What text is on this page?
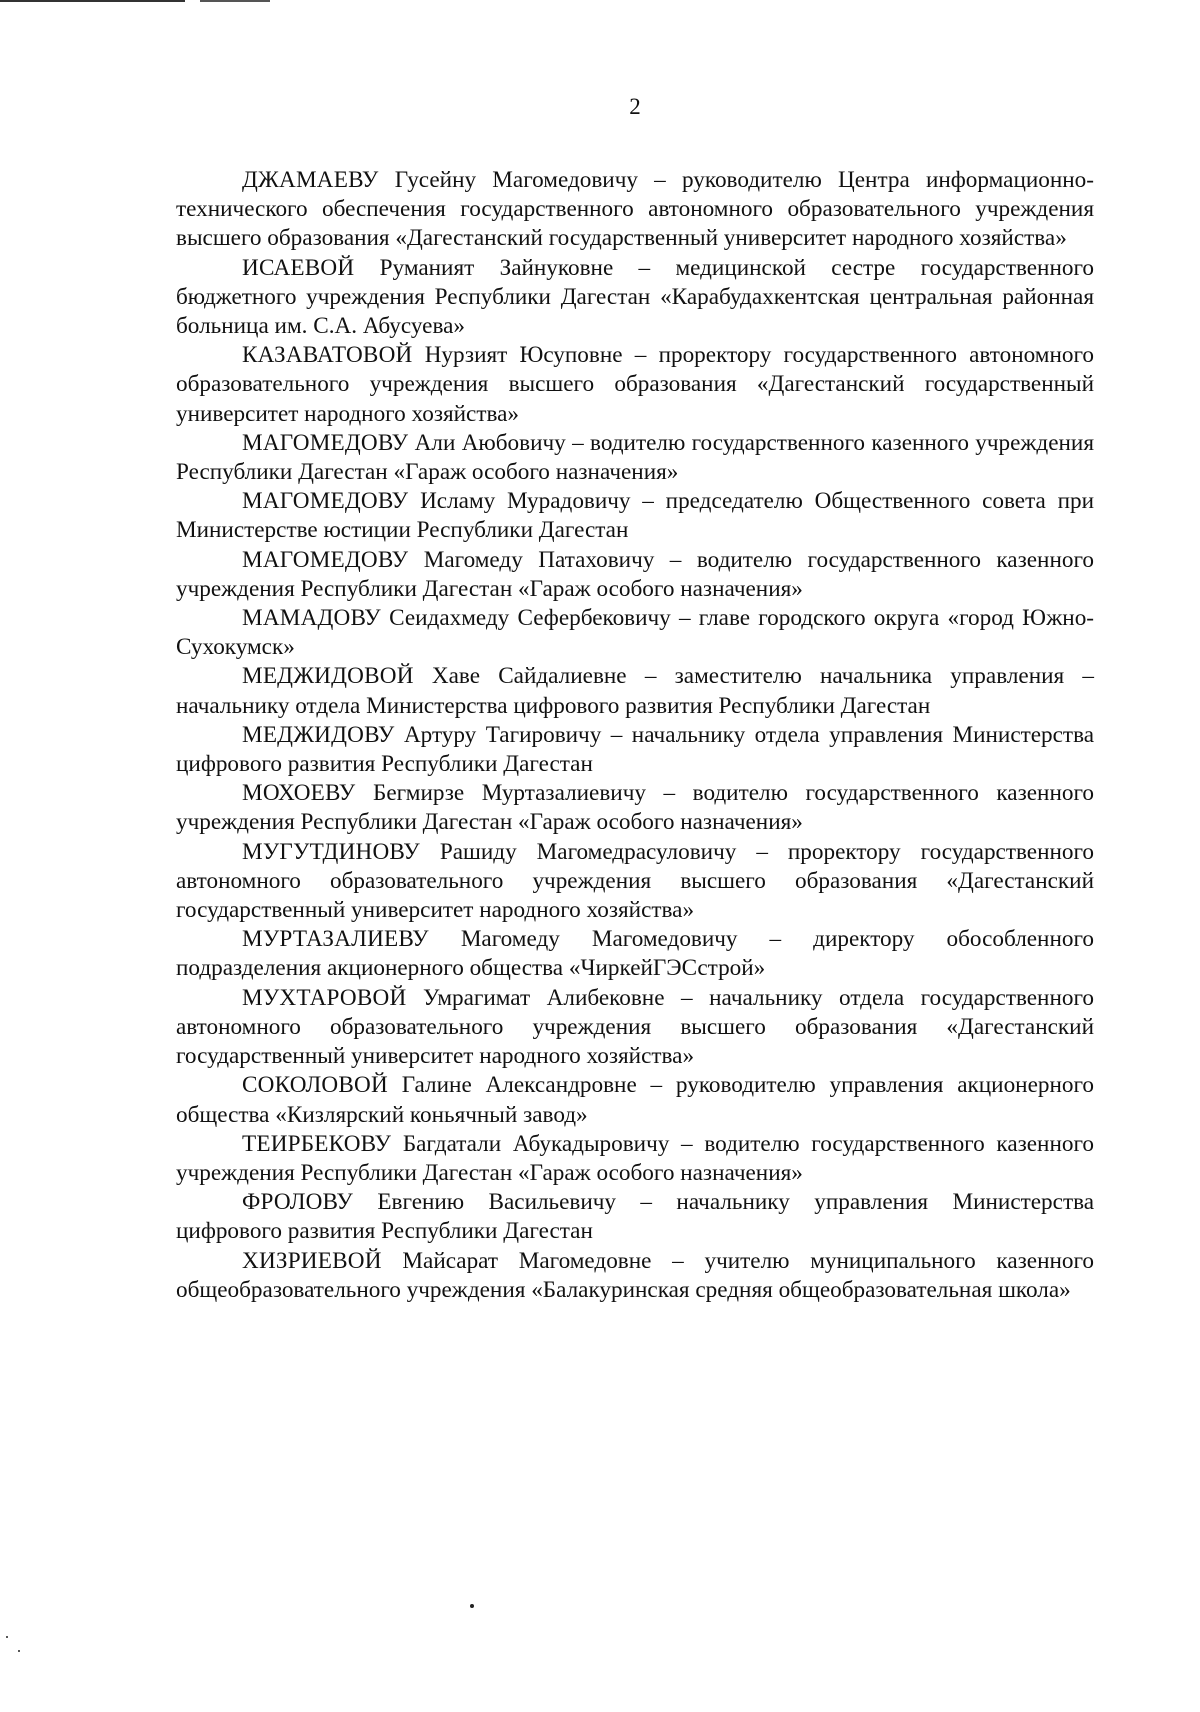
2

ДЖАМАЕВУ Гусейну Магомедовичу – руководителю Центра информационно-технического обеспечения государственного автономного образовательного учреждения высшего образования «Дагестанский государственный университет народного хозяйства»

ИСАЕВОЙ Руманият Зайнуковне – медицинской сестре государственного бюджетного учреждения Республики Дагестан «Карабудахкентская центральная районная больница им. С.А. Абусуева»

КАЗАВАТОВОЙ Нурзият Юсуповне – проректору государственного автономного образовательного учреждения высшего образования «Дагестанский государственный университет народного хозяйства»

МАГОМЕДОВУ Али Аюбовичу – водителю государственного казенного учреждения Республики Дагестан «Гараж особого назначения»

МАГОМЕДОВУ Исламу Мурадовичу – председателю Общественного совета при Министерстве юстиции Республики Дагестан

МАГОМЕДОВУ Магомеду Патаховичу – водителю государственного казенного учреждения Республики Дагестан «Гараж особого назначения»

МАМАДОВУ Сеидахмеду Сефербековичу – главе городского округа «город Южно-Сухокумск»

МЕДЖИДОВОЙ Хаве Сайдалиевне – заместителю начальника управления – начальнику отдела Министерства цифрового развития Республики Дагестан

МЕДЖИДОВУ Артуру Тагировичу – начальнику отдела управления Министерства цифрового развития Республики Дагестан

МОХОЕВУ Бегмирзе Муртазалиевичу – водителю государственного казенного учреждения Республики Дагестан «Гараж особого назначения»

МУГУТДИНОВУ Рашиду Магомедрасуловичу – проректору государственного автономного образовательного учреждения высшего образования «Дагестанский государственный университет народного хозяйства»

МУРТАЗАЛИЕВУ Магомеду Магомедовичу – директору обособленного подразделения акционерного общества «ЧиркейГЭСстрой»

МУХТАРОВОЙ Умрагимат Алибековне – начальнику отдела государственного автономного образовательного учреждения высшего образования «Дагестанский государственный университет народного хозяйства»

СОКОЛОВОЙ Галине Александровне – руководителю управления акционерного общества «Кизлярский коньячный завод»

ТЕИРБЕКОВУ Багдатали Абукадыровичу – водителю государственного казенного учреждения Республики Дагестан «Гараж особого назначения»

ФРОЛОВУ Евгению Васильевичу – начальнику управления Министерства цифрового развития Республики Дагестан

ХИЗРИЕВОЙ Майсарат Магомедовне – учителю муниципального казенного общеобразовательного учреждения «Балакуринская средняя общеобразовательная школа»
